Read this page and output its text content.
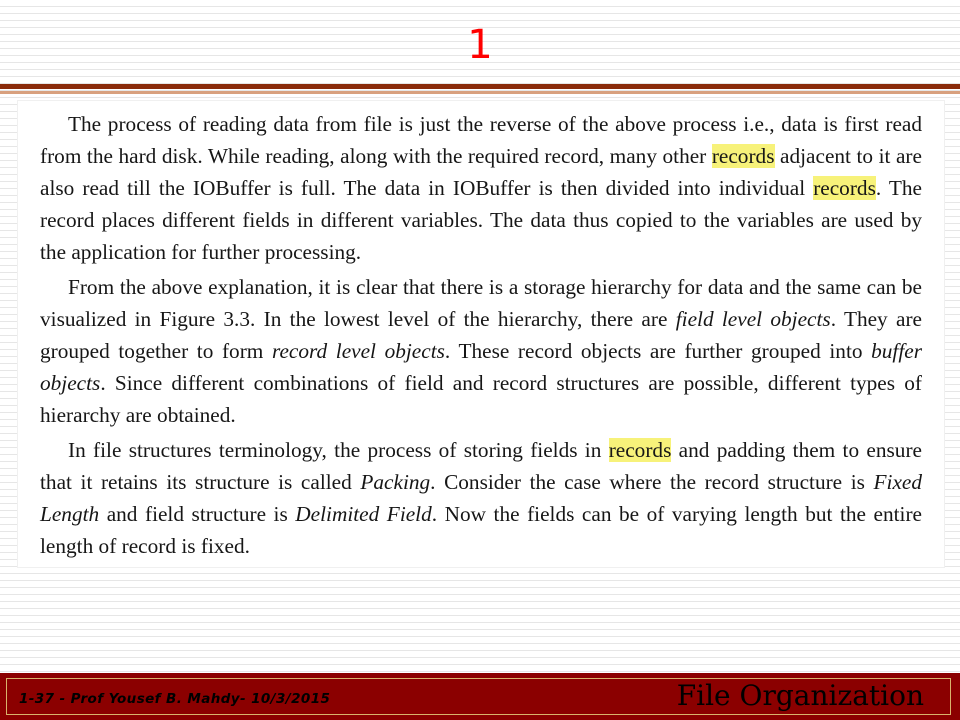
1

The process of reading data from file is just the reverse of the above process i.e., data is first read from the hard disk. While reading, along with the required record, many other records adjacent to it are also read till the IOBuffer is full. The data in IOBuffer is then divided into individual records. The record places different fields in different variables. The data thus copied to the variables are used by the application for further processing.

From the above explanation, it is clear that there is a storage hierarchy for data and the same can be visualized in Figure 3.3. In the lowest level of the hierarchy, there are field level objects. They are grouped together to form record level objects. These record objects are further grouped into buffer objects. Since different combinations of field and record structures are possible, different types of hierarchy are obtained.

In file structures terminology, the process of storing fields in records and padding them to ensure that it retains its structure is called Packing. Consider the case where the record structure is Fixed Length and field structure is Delimited Field. Now the fields can be of varying length but the entire length of record is fixed.

1-37 - Prof Yousef B. Mahdy- 10/3/2015	File Organization
